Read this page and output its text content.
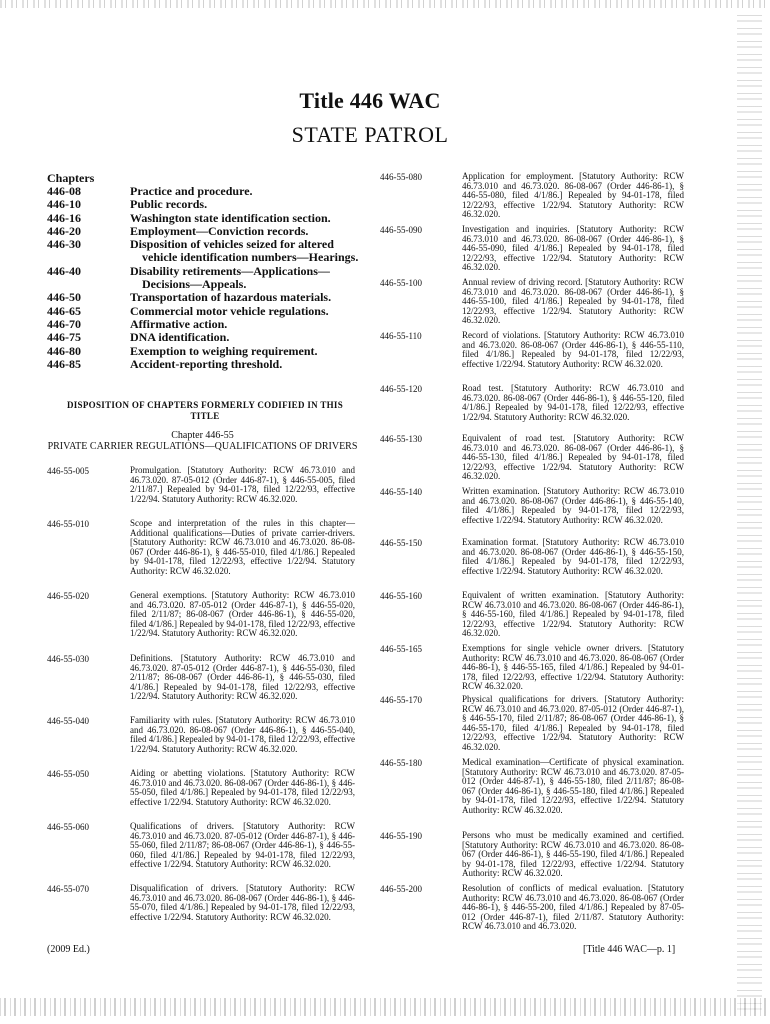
Title 446 WAC
STATE PATROL
Chapters
446-08	Practice and procedure.
446-10	Public records.
446-16	Washington state identification section.
446-20	Employment—Conviction records.
446-30	Disposition of vehicles seized for altered vehicle identification numbers—Hearings.
446-40	Disability retirements—Applications—Decisions—Appeals.
446-50	Transportation of hazardous materials.
446-65	Commercial motor vehicle regulations.
446-70	Affirmative action.
446-75	DNA identification.
446-80	Exemption to weighing requirement.
446-85	Accident-reporting threshold.
DISPOSITION OF CHAPTERS FORMERLY CODIFIED IN THIS TITLE
Chapter 446-55
PRIVATE CARRIER REGULATIONS—QUALIFICATIONS OF DRIVERS
446-55-005	Promulgation. [Statutory Authority: RCW 46.73.010 and 46.73.020. 87-05-012 (Order 446-87-1), § 446-55-005, filed 2/11/87.] Repealed by 94-01-178, filed 12/22/93, effective 1/22/94. Statutory Authority: RCW 46.32.020.
446-55-010	Scope and interpretation of the rules in this chapter—Additional qualifications—Duties of private carrier-drivers. [Statutory Authority: RCW 46.73.010 and 46.73.020. 86-08-067 (Order 446-86-1), § 446-55-010, filed 4/1/86.] Repealed by 94-01-178, filed 12/22/93, effective 1/22/94. Statutory Authority: RCW 46.32.020.
446-55-020	General exemptions. [Statutory Authority: RCW 46.73.010 and 46.73.020. 87-05-012 (Order 446-87-1), § 446-55-020, filed 2/11/87; 86-08-067 (Order 446-86-1), § 446-55-020, filed 4/1/86.] Repealed by 94-01-178, filed 12/22/93, effective 1/22/94. Statutory Authority: RCW 46.32.020.
446-55-030	Definitions. [Statutory Authority: RCW 46.73.010 and 46.73.020. 87-05-012 (Order 446-87-1), § 446-55-030, filed 2/11/87; 86-08-067 (Order 446-86-1), § 446-55-030, filed 4/1/86.] Repealed by 94-01-178, filed 12/22/93, effective 1/22/94. Statutory Authority: RCW 46.32.020.
446-55-040	Familiarity with rules. [Statutory Authority: RCW 46.73.010 and 46.73.020. 86-08-067 (Order 446-86-1), § 446-55-040, filed 4/1/86.] Repealed by 94-01-178, filed 12/22/93, effective 1/22/94. Statutory Authority: RCW 46.32.020.
446-55-050	Aiding or abetting violations. [Statutory Authority: RCW 46.73.010 and 46.73.020. 86-08-067 (Order 446-86-1), § 446-55-050, filed 4/1/86.] Repealed by 94-01-178, filed 12/22/93, effective 1/22/94. Statutory Authority: RCW 46.32.020.
446-55-060	Qualifications of drivers. [Statutory Authority: RCW 46.73.010 and 46.73.020. 87-05-012 (Order 446-87-1), § 446-55-060, filed 2/11/87; 86-08-067 (Order 446-86-1), § 446-55-060, filed 4/1/86.] Repealed by 94-01-178, filed 12/22/93, effective 1/22/94. Statutory Authority: RCW 46.32.020.
446-55-070	Disqualification of drivers. [Statutory Authority: RCW 46.73.010 and 46.73.020. 86-08-067 (Order 446-86-1), § 446-55-070, filed 4/1/86.] Repealed by 94-01-178, filed 12/22/93, effective 1/22/94. Statutory Authority: RCW 46.32.020.
446-55-080	Application for employment. [Statutory Authority: RCW 46.73.010 and 46.73.020. 86-08-067 (Order 446-86-1), § 446-55-080, filed 4/1/86.] Repealed by 94-01-178, filed 12/22/93, effective 1/22/94. Statutory Authority: RCW 46.32.020.
446-55-090	Investigation and inquiries. [Statutory Authority: RCW 46.73.010 and 46.73.020. 86-08-067 (Order 446-86-1), § 446-55-090, filed 4/1/86.] Repealed by 94-01-178, filed 12/22/93, effective 1/22/94. Statutory Authority: RCW 46.32.020.
446-55-100	Annual review of driving record. [Statutory Authority: RCW 46.73.010 and 46.73.020. 86-08-067 (Order 446-86-1), § 446-55-100, filed 4/1/86.] Repealed by 94-01-178, filed 12/22/93, effective 1/22/94. Statutory Authority: RCW 46.32.020.
446-55-110	Record of violations. [Statutory Authority: RCW 46.73.010 and 46.73.020. 86-08-067 (Order 446-86-1), § 446-55-110, filed 4/1/86.] Repealed by 94-01-178, filed 12/22/93, effective 1/22/94. Statutory Authority: RCW 46.32.020.
446-55-120	Road test. [Statutory Authority: RCW 46.73.010 and 46.73.020. 86-08-067 (Order 446-86-1), § 446-55-120, filed 4/1/86.] Repealed by 94-01-178, filed 12/22/93, effective 1/22/94. Statutory Authority: RCW 46.32.020.
446-55-130	Equivalent of road test. [Statutory Authority: RCW 46.73.010 and 46.73.020. 86-08-067 (Order 446-86-1), § 446-55-130, filed 4/1/86.] Repealed by 94-01-178, filed 12/22/93, effective 1/22/94. Statutory Authority: RCW 46.32.020.
446-55-140	Written examination. [Statutory Authority: RCW 46.73.010 and 46.73.020. 86-08-067 (Order 446-86-1), § 446-55-140, filed 4/1/86.] Repealed by 94-01-178, filed 12/22/93, effective 1/22/94. Statutory Authority: RCW 46.32.020.
446-55-150	Examination format. [Statutory Authority: RCW 46.73.010 and 46.73.020. 86-08-067 (Order 446-86-1), § 446-55-150, filed 4/1/86.] Repealed by 94-01-178, filed 12/22/93, effective 1/22/94. Statutory Authority: RCW 46.32.020.
446-55-160	Equivalent of written examination. [Statutory Authority: RCW 46.73.010 and 46.73.020. 86-08-067 (Order 446-86-1), § 446-55-160, filed 4/1/86.] Repealed by 94-01-178, filed 12/22/93, effective 1/22/94. Statutory Authority: RCW 46.32.020.
446-55-165	Exemptions for single vehicle owner drivers. [Statutory Authority: RCW 46.73.010 and 46.73.020. 86-08-067 (Order 446-86-1), § 446-55-165, filed 4/1/86.] Repealed by 94-01-178, filed 12/22/93, effective 1/22/94. Statutory Authority: RCW 46.32.020.
446-55-170	Physical qualifications for drivers. [Statutory Authority: RCW 46.73.010 and 46.73.020. 87-05-012 (Order 446-87-1), § 446-55-170, filed 2/11/87; 86-08-067 (Order 446-86-1), § 446-55-170, filed 4/1/86.] Repealed by 94-01-178, filed 12/22/93, effective 1/22/94. Statutory Authority: RCW 46.32.020.
446-55-180	Medical examination—Certificate of physical examination. [Statutory Authority: RCW 46.73.010 and 46.73.020. 87-05-012 (Order 446-87-1), § 446-55-180, filed 2/11/87; 86-08-067 (Order 446-86-1), § 446-55-180, filed 4/1/86.] Repealed by 94-01-178, filed 12/22/93, effective 1/22/94. Statutory Authority: RCW 46.32.020.
446-55-190	Persons who must be medically examined and certified. [Statutory Authority: RCW 46.73.010 and 46.73.020. 86-08-067 (Order 446-86-1), § 446-55-190, filed 4/1/86.] Repealed by 94-01-178, filed 12/22/93, effective 1/22/94. Statutory Authority: RCW 46.32.020.
446-55-200	Resolution of conflicts of medical evaluation. [Statutory Authority: RCW 46.73.010 and 46.73.020. 86-08-067 (Order 446-86-1), § 446-55-200, filed 4/1/86.] Repealed by 87-05-012 (Order 446-87-1), filed 2/11/87. Statutory Authority: RCW 46.73.010 and 46.73.020.
(2009 Ed.)	[Title 446 WAC—p. 1]
